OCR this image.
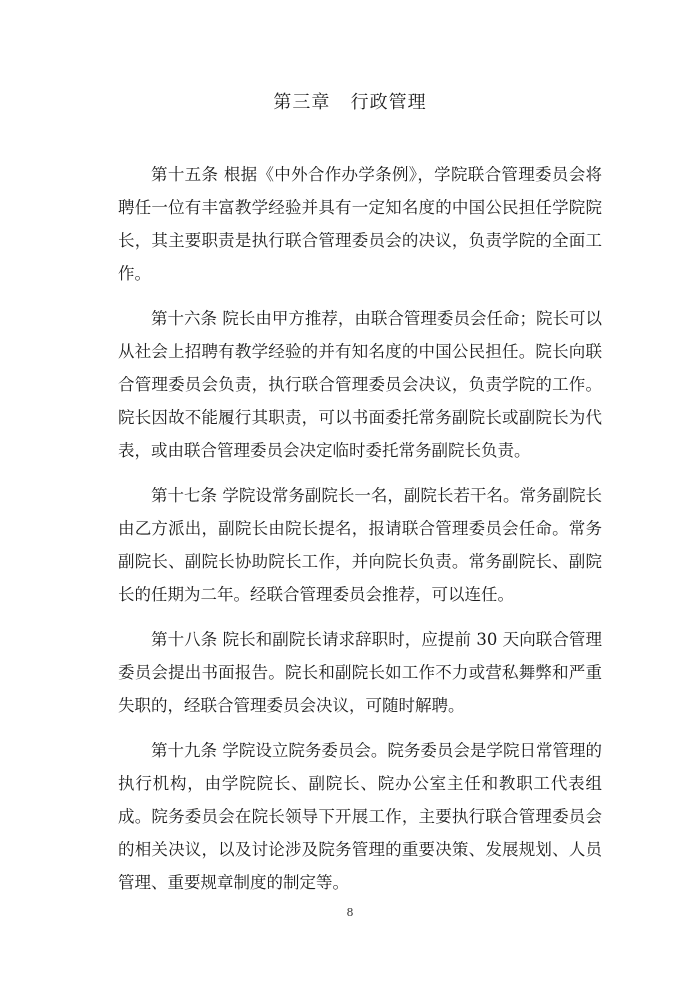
第三章   行政管理

第十五条 根据《中外合作办学条例》，学院联合管理委员会将聘任一位有丰富教学经验并具有一定知名度的中国公民担任学院院长，其主要职责是执行联合管理委员会的决议，负责学院的全面工作。

第十六条 院长由甲方推荐，由联合管理委员会任命；院长可以从社会上招聘有教学经验的并有知名度的中国公民担任。院长向联合管理委员会负责，执行联合管理委员会决议，负责学院的工作。院长因故不能履行其职责，可以书面委托常务副院长或副院长为代表，或由联合管理委员会决定临时委托常务副院长负责。

第十七条 学院设常务副院长一名，副院长若干名。常务副院长由乙方派出，副院长由院长提名，报请联合管理委员会任命。常务副院长、副院长协助院长工作，并向院长负责。常务副院长、副院长的任期为二年。经联合管理委员会推荐，可以连任。

第十八条 院长和副院长请求辞职时，应提前 30 天向联合管理委员会提出书面报告。院长和副院长如工作不力或营私舞弊和严重失职的，经联合管理委员会决议，可随时解聘。

第十九条 学院设立院务委员会。院务委员会是学院日常管理的执行机构，由学院院长、副院长、院办公室主任和教职工代表组成。院务委员会在院长领导下开展工作，主要执行联合管理委员会的相关决议，以及讨论涉及院务管理的重要决策、发展规划、人员管理、重要规章制度的制定等。

8
